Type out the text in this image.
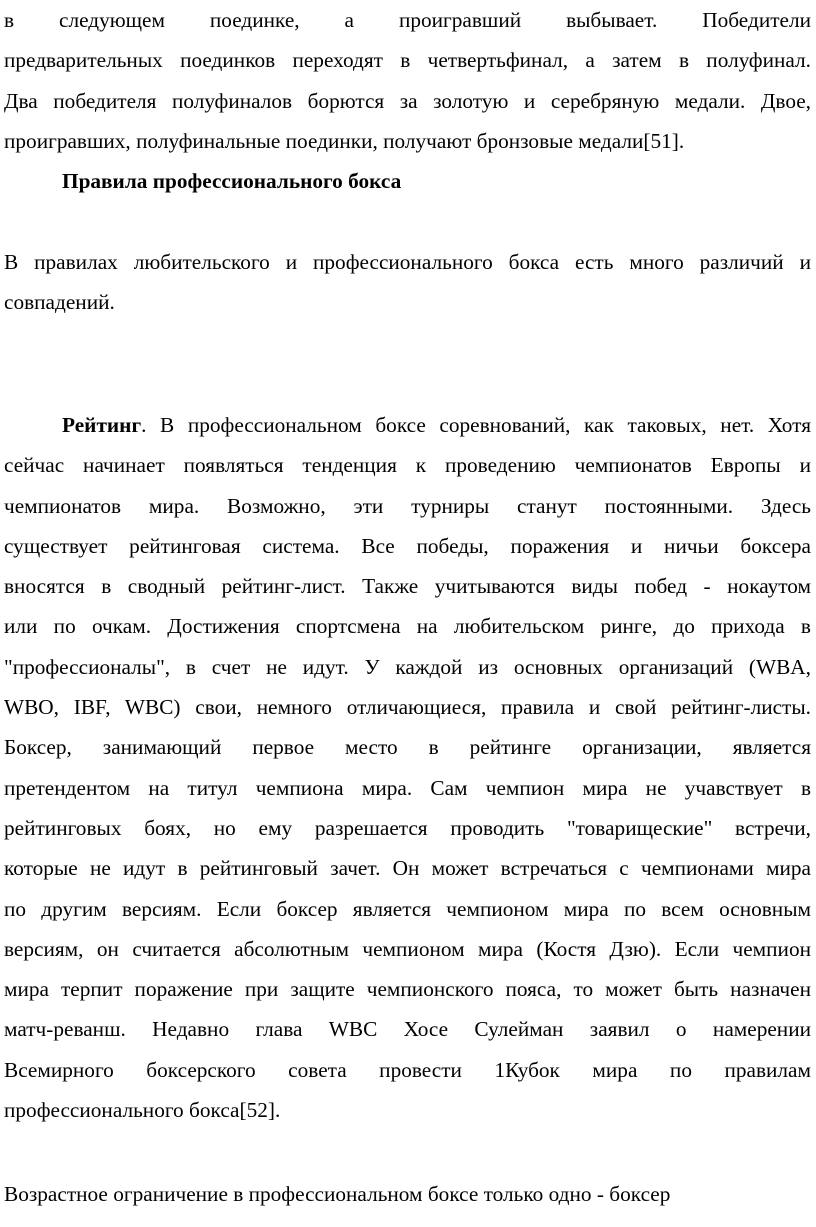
в следующем поединке, а проигравший выбывает. Победители
предварительных поединков переходят в четвертьфинал, а затем в полуфинал.
Два победителя полуфиналов борются за золотую и серебряную медали. Двое,
проигравших, полуфинальные поединки, получают бронзовые медали[51].
Правила профессионального бокса
В правилах любительского и профессионального бокса есть много различий и
совпадений.
Рейтинг. В профессиональном боксе соревнований, как таковых, нет. Хотя
сейчас начинает появляться тенденция к проведению чемпионатов Европы и
чемпионатов мира. Возможно, эти турниры станут постоянными. Здесь
существует рейтинговая система. Все победы, поражения и ничьи боксера
вносятся в сводный рейтинг-лист. Также учитываются виды побед - нокаутом
или по очкам. Достижения спортсмена на любительском ринге, до прихода в
"профессионалы", в счет не идут. У каждой из основных организаций (WBA,
WBO, IBF, WBC) свои, немного отличающиеся, правила и свой рейтинг-листы.
Боксер, занимающий первое место в рейтинге организации, является
претендентом на титул чемпиона мира. Сам чемпион мира не учавствует в
рейтинговых боях, но ему разрешается проводить "товарищеские" встречи,
которые не идут в рейтинговый зачет. Он может встречаться с чемпионами мира
по другим версиям. Если боксер является чемпионом мира по всем основным
версиям, он считается абсолютным чемпионом мира (Костя Дзю). Если чемпион
мира терпит поражение при защите чемпионского пояса, то может быть назначен
матч-реванш. Недавно глава WBC Хосе Сулейман заявил о намерении
Всемирного боксерского совета провести 1Кубок мира по правилам
профессионального бокса[52].
Возрастное ограничение в профессиональном боксе только одно - боксер
